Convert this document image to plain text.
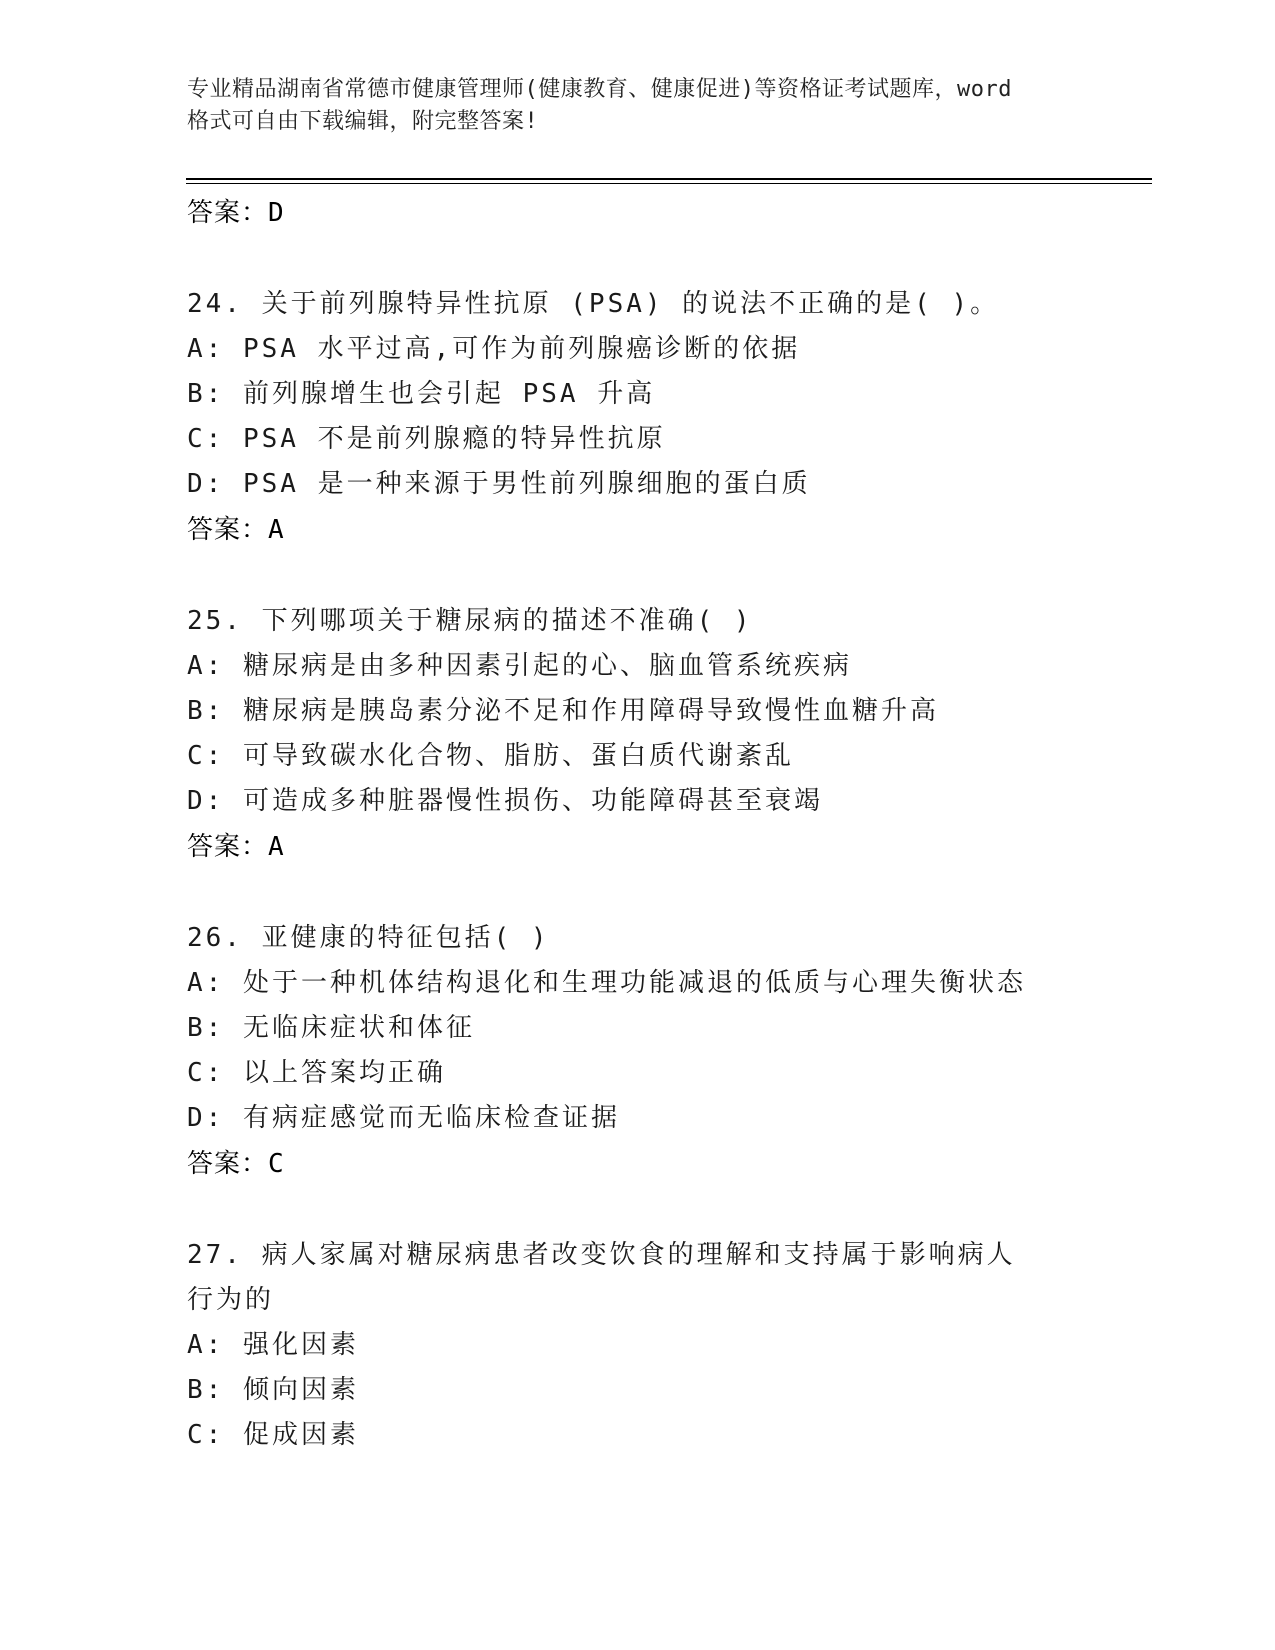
专业精品湖南省常德市健康管理师(健康教育、健康促进)等资格证考试题库，word
格式可自由下载编辑，附完整答案!
答案：D
24. 关于前列腺特异性抗原 (PSA) 的说法不正确的是( )。
A: PSA 水平过高,可作为前列腺癌诊断的依据
B: 前列腺增生也会引起 PSA 升高
C: PSA 不是前列腺瘾的特异性抗原
D: PSA 是一种来源于男性前列腺细胞的蛋白质
答案：A
25. 下列哪项关于糖尿病的描述不准确( )
A: 糖尿病是由多种因素引起的心、脑血管系统疾病
B: 糖尿病是胰岛素分泌不足和作用障碍导致慢性血糖升高
C: 可导致碳水化合物、脂肪、蛋白质代谢紊乱
D: 可造成多种脏器慢性损伤、功能障碍甚至衰竭
答案：A
26. 亚健康的特征包括( )
A: 处于一种机体结构退化和生理功能减退的低质与心理失衡状态
B: 无临床症状和体征
C: 以上答案均正确
D: 有病症感觉而无临床检查证据
答案：C
27. 病人家属对糖尿病患者改变饮食的理解和支持属于影响病人行为的
A: 强化因素
B: 倾向因素
C: 促成因素
